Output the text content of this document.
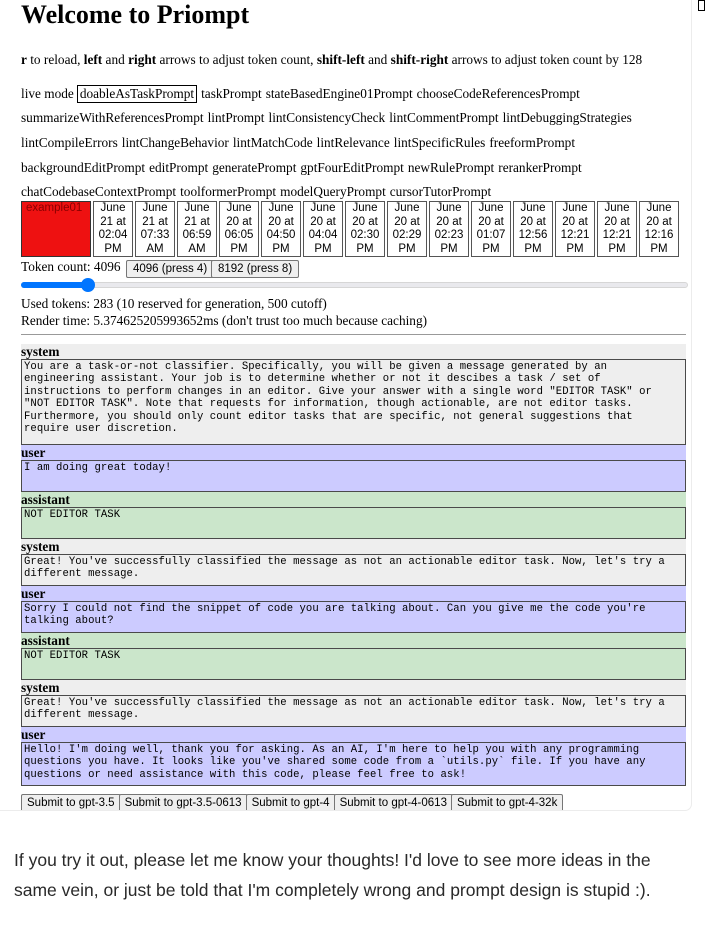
Welcome to Priompt
r to reload, left and right arrows to adjust token count, shift-left and shift-right arrows to adjust token count by 128
live mode doableAsTaskPrompt taskPrompt stateBasedEngine01Prompt chooseCodeReferencesPrompt
summarizeWithReferencesPrompt lintPrompt lintConsistencyCheck lintCommentPrompt lintDebuggingStrategies
lintCompileErrors lintChangeBehavior lintMatchCode lintRelevance lintSpecificRules freeformPrompt
backgroundEditPrompt editPrompt generatePrompt gptFourEditPrompt newRulePrompt rerankerPrompt
chatCodebaseContextPrompt toolformerPrompt modelQueryPrompt cursorTutorPrompt
example01	June
21 at
02:04
PM

June
21 at
07:33
AM

June
21 at
06:59
AM

June
20 at
06:05
PM

June
20 at
04:50
PM

June
20 at
04:04
PM

June
20 at
02:30
PM

June
20 at
02:29
PM

June
20 at
02:23
PM

June
20 at
01:07
PM

June
20 at
12:56
PM

June
20 at
12:21
PM

June
20 at
12:21
PM

June
20 at
12:16
PM
Token count: 4096	4096 (press 4) 8192 (press 8)
Used tokens: 283 (10 reserved for generation, 500 cutoff)
Render time: 5.374625205993652ms (don't trust too much because caching)
system
You are a task-or-not classifier. Specifically, you will be given a message generated by an engineering assistant. Your job is to determine whether or not it descibes a task / set of instructions to perform changes in an editor. Give your answer with a single word "EDITOR TASK" or "NOT EDITOR TASK". Note that requests for information, though actionable, are not editor tasks. Furthermore, you should only count editor tasks that are specific, not general suggestions that require user discretion.
user
I am doing great today!
assistant
NOT EDITOR TASK
system
Great! You've successfully classified the message as not an actionable editor task. Now, let's try a different message.
user
Sorry I could not find the snippet of code you are talking about. Can you give me the code you're talking about?
assistant
NOT EDITOR TASK
system
Great! You've successfully classified the message as not an actionable editor task. Now, let's try a different message.
user
Hello! I'm doing well, thank you for asking. As an AI, I'm here to help you with any programming questions you have. It looks like you've shared some code from a `utils.py` file. If you have any questions or need assistance with this code, please feel free to ask!
Submit to gpt-3.5 Submit to gpt-3.5-0613 Submit to gpt-4 Submit to gpt-4-0613 Submit to gpt-4-32k
If you try it out, please let me know your thoughts! I'd love to see more ideas in the same vein, or just be told that I'm completely wrong and prompt design is stupid :).
